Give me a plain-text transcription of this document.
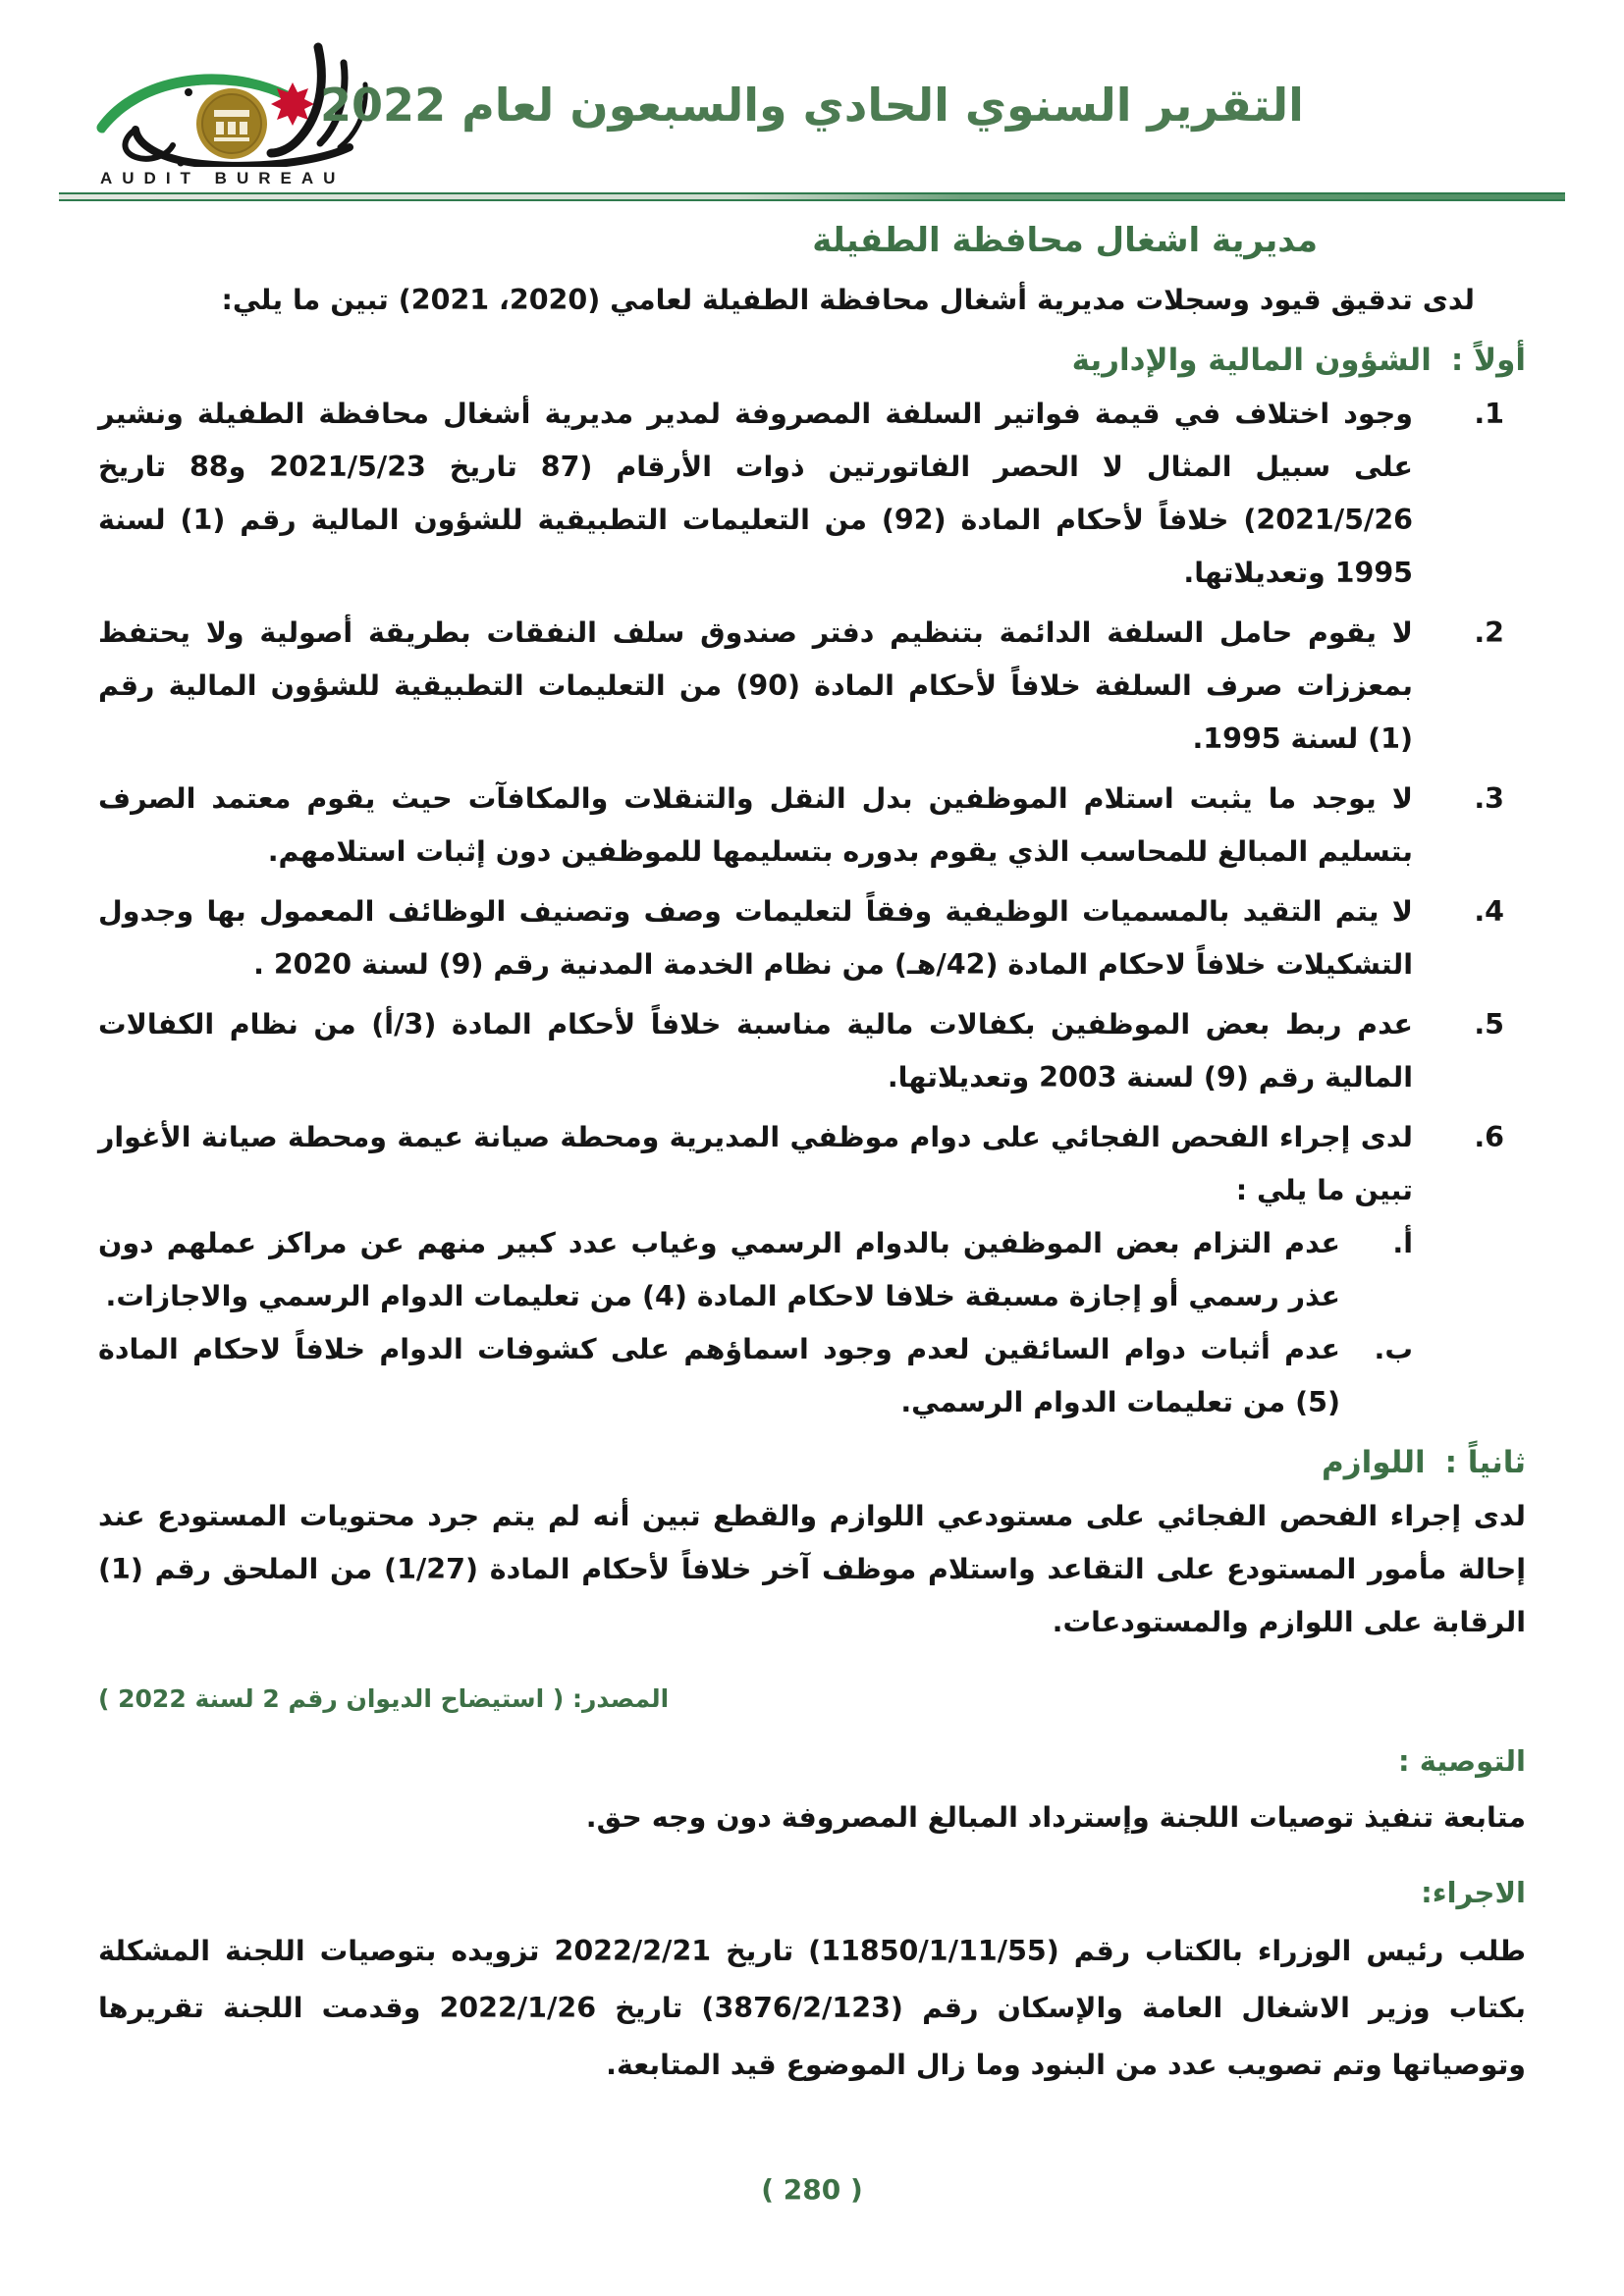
AUDIT BUREAU
التقرير السنوي الحادي والسبعون لعام 2022
مديرية اشغال محافظة الطفيلة

لدى تدقيق قيود وسجلات مديرية أشغال محافظة الطفيلة لعامي (2020، 2021) تبين ما يلي:

أولاً :
الشؤون المالية والإدارية
1.
وجود اختلاف في قيمة فواتير السلفة المصروفة لمدير مديرية أشغال محافظة الطفيلة ونشير على سبيل المثال لا الحصر الفاتورتين ذوات الأرقام (87 تاريخ 2021/5/23 و88 تاريخ 2021/5/26) خلافاً لأحكام المادة (92) من التعليمات التطبيقية للشؤون المالية رقم (1) لسنة 1995 وتعديلاتها.
2.
لا يقوم حامل السلفة الدائمة بتنظيم دفتر صندوق سلف النفقات بطريقة أصولية ولا يحتفظ بمعززات صرف السلفة خلافاً لأحكام المادة (90) من التعليمات التطبيقية للشؤون المالية رقم (1) لسنة 1995.
3.
لا يوجد ما يثبت استلام الموظفين بدل النقل والتنقلات والمكافآت حيث يقوم معتمد الصرف بتسليم المبالغ للمحاسب الذي يقوم بدوره بتسليمها للموظفين دون إثبات استلامهم.
4.
لا يتم التقيد بالمسميات الوظيفية وفقاً لتعليمات وصف وتصنيف الوظائف المعمول بها وجدول التشكيلات خلافاً لاحكام المادة (42/هـ) من نظام الخدمة المدنية رقم (9) لسنة 2020 .
5.
عدم ربط بعض الموظفين بكفالات مالية مناسبة خلافاً لأحكام المادة (3/أ) من نظام الكفالات المالية رقم (9) لسنة 2003 وتعديلاتها.
6.
لدى إجراء الفحص الفجائي على دوام موظفي المديرية ومحطة صيانة عيمة ومحطة صيانة الأغوار تبين ما يلي :
أ.
عدم التزام بعض الموظفين بالدوام الرسمي وغياب عدد كبير منهم عن مراكز عملهم دون عذر رسمي أو إجازة مسبقة خلافا لاحكام المادة (4) من تعليمات الدوام الرسمي والاجازات.
ب.
عدم أثبات دوام السائقين لعدم وجود اسماؤهم على كشوفات الدوام خلافاً لاحكام المادة (5) من تعليمات الدوام الرسمي.
ثانياً :
اللوازم

لدى إجراء الفحص الفجائي على مستودعي اللوازم والقطع تبين أنه لم يتم جرد محتويات المستودع عند إحالة مأمور المستودع على التقاعد واستلام موظف آخر خلافاً لأحكام المادة (1/27) من الملحق رقم (1) الرقابة على اللوازم والمستودعات.

المصدر: ( استيضاح الديوان رقم 2 لسنة 2022 )
التوصية :

متابعة تنفيذ توصيات اللجنة وإسترداد المبالغ المصروفة دون وجه حق.

الاجراء:

طلب رئيس الوزراء بالكتاب رقم (11850/1/11/55) تاريخ 2022/2/21 تزويده بتوصيات اللجنة المشكلة بكتاب وزير الاشغال العامة والإسكان رقم (3876/2/123) تاريخ 2022/1/26 وقدمت اللجنة تقريرها وتوصياتها وتم تصويب عدد من البنود وما زال الموضوع قيد المتابعة.

( 280 )
